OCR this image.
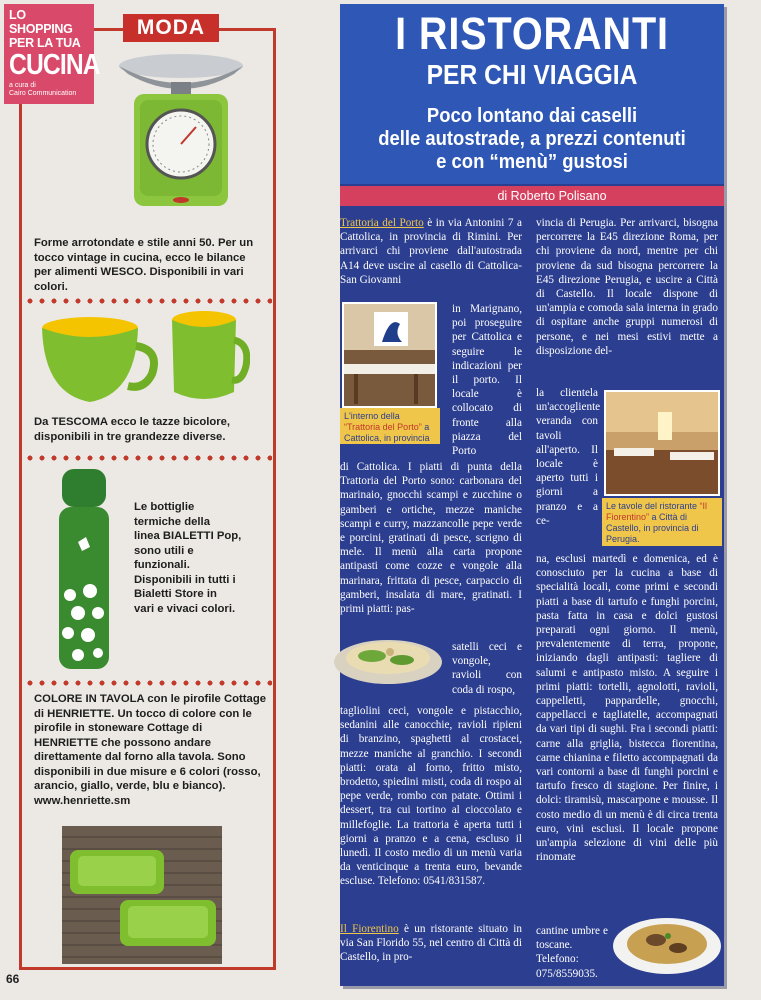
LO SHOPPING
PER LA TUA
CUCINA
a cura di
Cairo Communication
MODA
Forme arrotondate e stile anni 50. Per un tocco vintage in cucina, ecco le bilance per alimenti WESCO. Disponibili in vari colori.
Da TESCOMA ecco le tazze bicolore, disponibili in tre grandezze diverse.
Le bottiglie
termiche della
linea BIALETTI Pop,
sono utili e
funzionali.
Disponibili in tutti i
Bialetti Store in
vari e vivaci colori.
COLORE IN TAVOLA con le pirofile Cottage di HENRIETTE. Un tocco di colore con le pirofile in stoneware Cottage di HENRIETTE che possono andare direttamente dal forno alla tavola. Sono disponibili in due misure e 6 colori (rosso, arancio, giallo, verde, blu e bianco). www.henriette.sm
66
I RISTORANTI
PER CHI VIAGGIA
Poco lontano dai caselli
delle autostrade, a prezzi contenuti
e con “menù” gustosi
di Roberto Polisano
Trattoria del Porto è in via Antonini 7 a Cattolica, in provincia di Rimini. Per arrivarci chi proviene dall'autostrada A14 deve uscire al casello di Cattolica-San Giovanni
L'interno della “Trattoria del Porto” a Cattolica, in provincia di Rimini.
in Marignano, poi proseguire per Cattolica e seguire le indicazioni per il porto. Il locale è collocato di fronte alla piazza del Porto
di Cattolica. I piatti di punta della Trattoria del Porto sono: carbonara del marinaio, gnocchi scampi e zucchine o gamberi e ortiche, mezze maniche scampi e curry, mazzancolle pepe verde e porcini, gratinati di pesce, scrigno di mele. Il menù alla carta propone antipasti come cozze e vongole alla marinara, frittata di pesce, carpaccio di gamberi, insalata di mare, gratinati. I primi piatti: pas-
satelli ceci e vongole, ravioli con coda di rospo,
tagliolini ceci, vongole e pistacchio, sedanini alle canocchie, ravioli ripieni di branzino, spaghetti al crostacei, mezze maniche al granchio. I secondi piatti: orata al forno, fritto misto, brodetto, spiedini misti, coda di rospo al pepe verde, rombo con patate. Ottimi i dessert, tra cui tortino al cioccolato e millefoglie. La trattoria è aperta tutti i giorni a pranzo e a cena, escluso il lunedì. Il costo medio di un menù varia da venticinque a trenta euro, bevande escluse. Telefono: 0541/831587.
Il Fiorentino è un ristorante situato in via San Florido 55, nel centro di Città di Castello, in pro-
vincia di Perugia. Per arrivarci, bisogna percorrere la E45 direzione Roma, per chi proviene da nord, mentre per chi proviene da sud bisogna percorrere la E45 direzione Perugia, e uscire a Città di Castello. Il locale dispone di un'ampia e comoda sala interna in grado di ospitare anche gruppi numerosi di persone, e nei mesi estivi mette a disposizione del-
la clientela un'accogliente veranda con tavoli all'aperto. Il locale è aperto tutti i giorni a pranzo e a ce-
Le tavole del ristorante “Il Fiorentino” a Città di Castello, in provincia di Perugia.
na, esclusi martedì e domenica, ed è conosciuto per la cucina a base di specialità locali, come primi e secondi piatti a base di tartufo e funghi porcini, pasta fatta in casa e dolci gustosi preparati ogni giorno. Il menù, prevalentemente di terra, propone, iniziando dagli antipasti: tagliere di salumi e antipasto misto. A seguire i primi piatti: tortelli, agnolotti, ravioli, cappelletti, pappardelle, gnocchi, cappellacci e tagliatelle, accompagnati da vari tipi di sughi. Fra i secondi piatti: carne alla griglia, bistecca fiorentina, carne chianina e filetto accompagnati da vari contorni a base di funghi porcini e tartufo fresco di stagione. Per finire, i dolci: tiramisù, mascarpone e mousse. Il costo medio di un menù è di circa trenta euro, vini esclusi. Il locale propone un'ampia selezione di vini delle più rinomate
cantine umbre e toscane. Telefono: 075/8559035.
